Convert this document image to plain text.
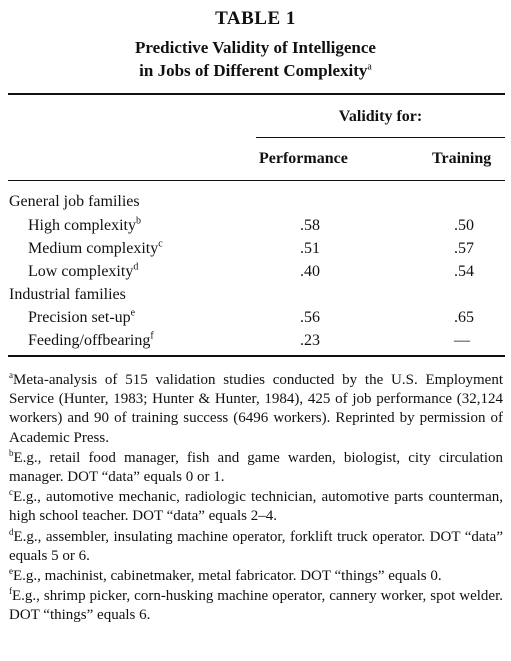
TABLE 1
Predictive Validity of Intelligence
in Jobs of Different Complexity$^a$
Validity for:
Performance	Training
General job families
High complexity$^b$	.58	.50
Medium complexity$^c$	.51	.57
Low complexity$^d$	.40	.54
Industrial families
Precision set-$up^e$	.56	.65
Feeding/offbearing$^f$	.23	—

$^a$Meta-analysis of 515 validation studies conducted by the U.S. Employment Service (Hunter, 1983; Hunter & Hunter, 1984), 425 of job performance (32,124 workers) and 90 of training success (6496 workers). Reprinted by permission of Academic Press.

$^b$E.g., retail food manager, fish and game warden, biologist, city circulation manager. DOT “data” equals 0 or 1.

$^c$E.g., automotive mechanic, radiologic technician, automotive parts counterman, high school teacher. DOT “data” equals 2–4.

$^d$E.g., assembler, insulating machine operator, forklift truck operator. DOT “data” equals 5 or 6.

$^e$E.g., machinist, cabinetmaker, metal fabricator. DOT “things” equals 0.

$^f$E.g., shrimp picker, corn-husking machine operator, cannery worker, spot welder. DOT “things” equals 6.
